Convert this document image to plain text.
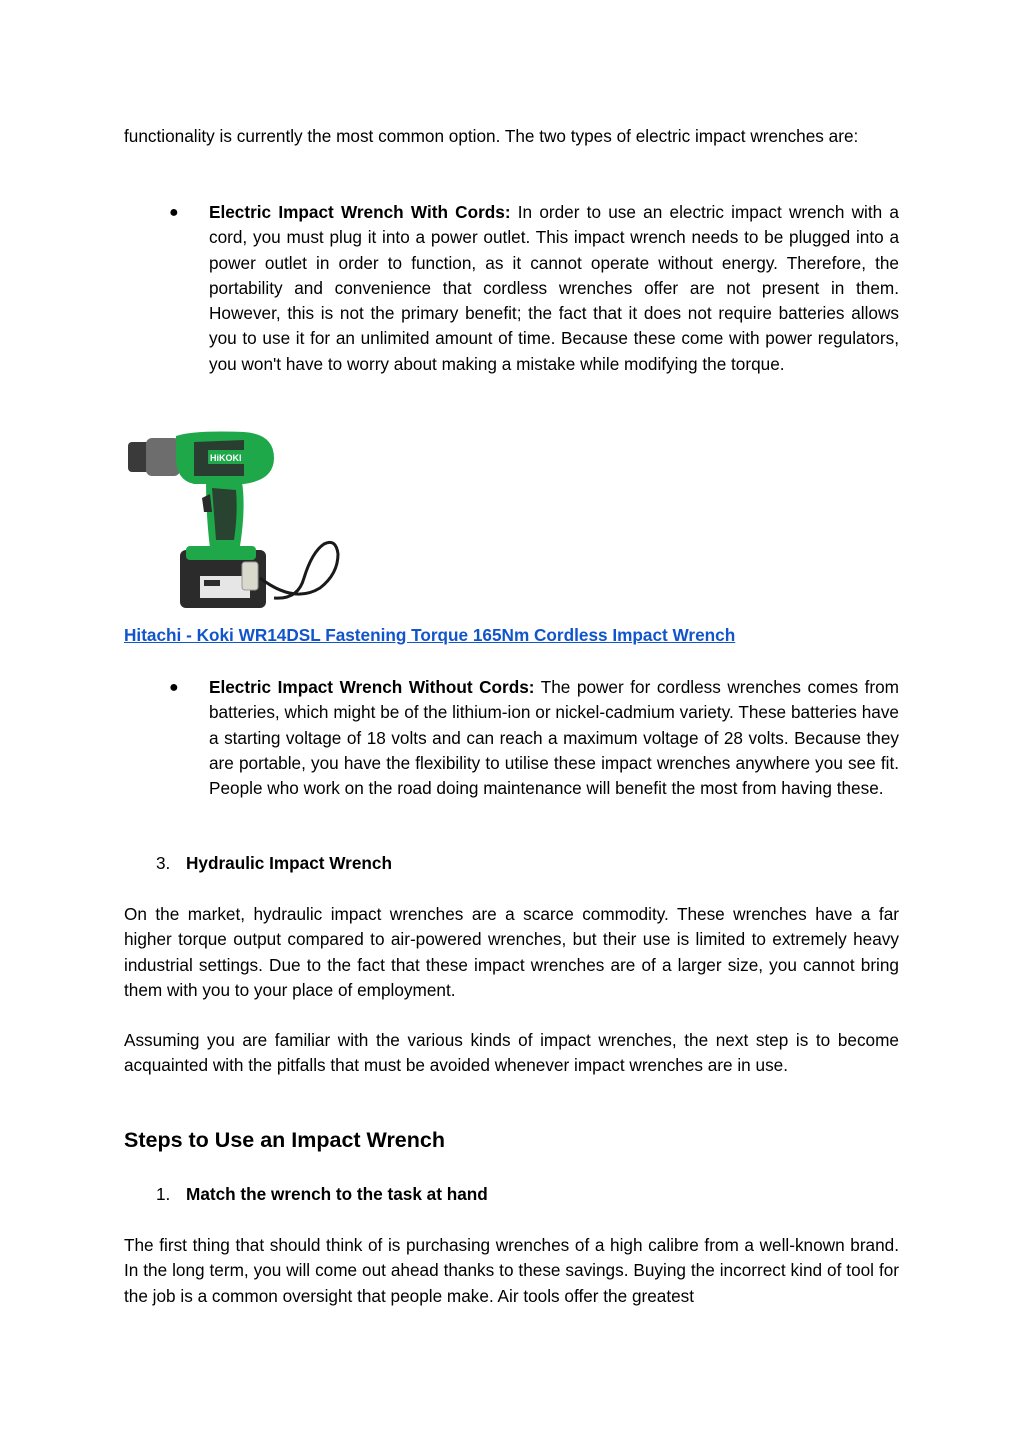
functionality is currently the most common option. The two types of electric impact wrenches are:

● Electric Impact Wrench With Cords: In order to use an electric impact wrench with a cord, you must plug it into a power outlet. This impact wrench needs to be plugged into a power outlet in order to function, as it cannot operate without energy. Therefore, the portability and convenience that cordless wrenches offer are not present in them. However, this is not the primary benefit; the fact that it does not require batteries allows you to use it for an unlimited amount of time. Because these come with power regulators, you won't have to worry about making a mistake while modifying the torque.

HiKOKI
Hitachi - Koki WR14DSL Fastening Torque 165Nm Cordless Impact Wrench
● Electric Impact Wrench Without Cords: The power for cordless wrenches comes from batteries, which might be of the lithium-ion or nickel-cadmium variety. These batteries have a starting voltage of 18 volts and can reach a maximum voltage of 28 volts. Because they are portable, you have the flexibility to utilise these impact wrenches anywhere you see fit. People who work on the road doing maintenance will benefit the most from having these.

3. Hydraulic Impact Wrench

On the market, hydraulic impact wrenches are a scarce commodity. These wrenches have a far higher torque output compared to air-powered wrenches, but their use is limited to extremely heavy industrial settings. Due to the fact that these impact wrenches are of a larger size, you cannot bring them with you to your place of employment.

Assuming you are familiar with the various kinds of impact wrenches, the next step is to become acquainted with the pitfalls that must be avoided whenever impact wrenches are in use.

Steps to Use an Impact Wrench
1. Match the wrench to the task at hand

The first thing that should think of is purchasing wrenches of a high calibre from a well-known brand. In the long term, you will come out ahead thanks to these savings. Buying the incorrect kind of tool for the job is a common oversight that people make. Air tools offer the greatest
